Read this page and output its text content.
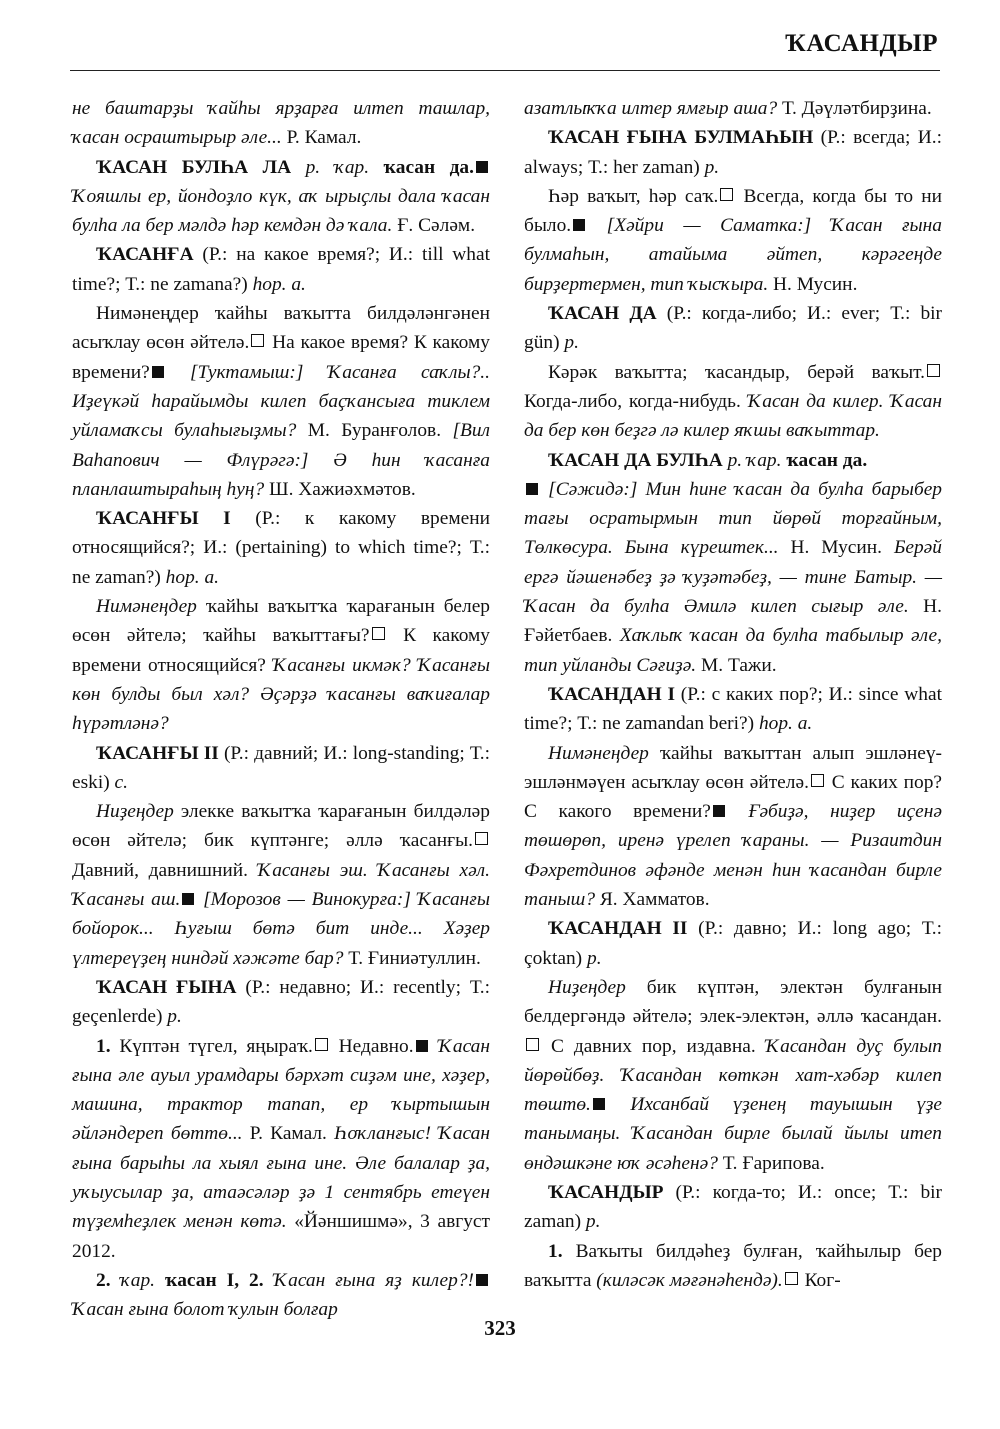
ҠАСАНДЫР

не баштарҙы ҡайһы ярҙарға илтеп ташлар, ҡасан осраштырыр әле... Р. Камал.

ҠАСАН БУЛҺА ЛА р. ҡар. ҡасан да. Ҡояшлы ер, йондоҙло күк, аҡ ырыҫлы дала ҡасан булһа ла бер мәлдә һәр кемдән дә ҡала. Ғ. Сәләм.

ҠАСАНҒА (Р.: на какое время?; И.: till what time?; Т.: ne zamana?) һор. а.

Нимәнеңдер ҡайһы ваҡытта билдәләнгәнен асыҡлау өсөн әйтелә. На какое время? К какому времени? [Туктамыш:] Ҡасанға саҡлы?.. Иҙеүкәй һарайымды килеп баҫҡансыға тиклем уйламаҡсы булаһығыҙмы? М. Буранғолов. [Вил Ваһапович — Флүрәгә:] Ә һин ҡасанға планлаштыраһың һуң? Ш. Хажиәхмәтов.

ҠАСАНҒЫ I (Р.: к какому времени относящийся?; И.: (pertaining) to which time?; Т.: ne zaman?) һор. а.

Нимәнеңдер ҡайһы ваҡытҡа ҡарағанын белер өсөн әйтелә; ҡайһы ваҡыттағы? К какому времени относящийся? Ҡасанғы икмәк? Ҡасанғы көн булды был хәл? Әҫәрҙә ҡасанғы ваҡиғалар һүрәтләнә?

ҠАСАНҒЫ II (Р.: давний; И.: long-standing; Т.: eski) с.

Ниҙеңдер элекке ваҡытҡа ҡарағанын билдәләр өсөн әйтелә; бик күптәнге; әллә ҡасанғы. Давний, давнишний. Ҡасанғы эш. Ҡасанғы хәл. Ҡасанғы аш. [Морозов — Винокурға:] Ҡасанғы бойорок... Һуғыш бөтә бит инде... Хәҙер үлтереүҙең ниндәй хәжәте бар? Т. Ғиниәтуллин.

ҠАСАН ҒЫНА (Р.: недавно; И.: recently; Т.: geçenlerde) р.

1. Күптән түгел, яңыраҡ. Недавно. Ҡасан ғына әле ауыл урамдары бәрхәт сиҙәм ине, хәҙер, машина, трактор тапап, ер ҡыртышын әйләндереп бөттө... Р. Камал. Һоҡланғыс! Ҡасан ғына барыһы ла хыял ғына ине. Әле балалар ҙа, уҡыусылар ҙа, атаәсәләр ҙә 1 сентябрь етеүен түҙемһеҙлек менән көтә. «Йәншишмә», 3 август 2012.

2. ҡар. ҡасан I, 2. Ҡасан ғына яҙ килер?! Ҡасан ғына болот ҡулын болғар

азатлыҡҡа илтер ямғыр аша? Т. Дәүләтбирҙина.

ҠАСАН ҒЫНА БУЛМАҺЫН (Р.: всегда; И.: always; Т.: her zaman) р.

Һәр ваҡыт, һәр саҡ. Всегда, когда бы то ни было. [Хәйри — Саматка:] Ҡасан ғына булмаһын, атайыма әйтеп, кәрәгеңде бирҙертермен, тип ҡысҡыра. Н. Мусин.

ҠАСАН ДА (Р.: когда-либо; И.: ever; Т.: bir gün) р.

Кәрәк ваҡытта; ҡасандыр, берәй ваҡыт. Когда-либо, когда-нибудь. Ҡасан да килер. Ҡасан да бер көн беҙгә лә килер яҡшы ваҡыттар.

ҠАСАН ДА БУЛҺА р. ҡар. ҡасан да.

[Сәжидә:] Мин һине ҡасан да булһа барыбер тағы осратырмын тип йөрөй торғайным, Төлкөсура. Бына күрештек... Н. Мусин. Берәй ергә йәшенәбеҙ ҙә ҡуҙәтәбеҙ, — тине Батыр. — Ҡасан да булһа Әмилә килеп сығыр әле. Н. Ғәйетбаев. Хаҡлыҡ ҡасан да булһа табылыр әле, тип уйланды Сәғиҙә. М. Тажи.

ҠАСАНДАН I (Р.: с каких пор?; И.: since what time?; Т.: ne zamandan beri?) һор. а.

Нимәнеңдер ҡайһы ваҡыттан алып эшләнеү-эшләнмәүен асыҡлау өсөн әйтелә. С каких пор? С какого времени? Ғәбиҙә, ниҙер иҫенә төшөрөп, иренә үрелеп ҡараны. — Ризаитдин Фәхретдинов әфәнде менән һин ҡасандан бирле таныш? Я. Хамматов.

ҠАСАНДАН II (Р.: давно; И.: long ago; Т.: çoktan) р.

Ниҙеңдер бик күптән, электән булғанын белдергәндә әйтелә; элек-электән, әллә ҡасандан. С давних пор, издавна. Ҡасандан дуҫ булып йөрөйбөҙ. Ҡасандан көткән хат-хәбәр килеп төштө. Ихсанбай үҙенең тауышын үҙе танымаңы. Ҡасандан бирле былай йылы итеп өндәшкәне юҡ әсәһенә? Т. Ғарипова.

ҠАСАНДЫР (Р.: когда-то; И.: once; Т.: bir zaman) р.

1. Ваҡыты билдәһеҙ булған, ҡайһылыр бер ваҡытта (киләсәк мәғәнәһендә). Ког-

323
